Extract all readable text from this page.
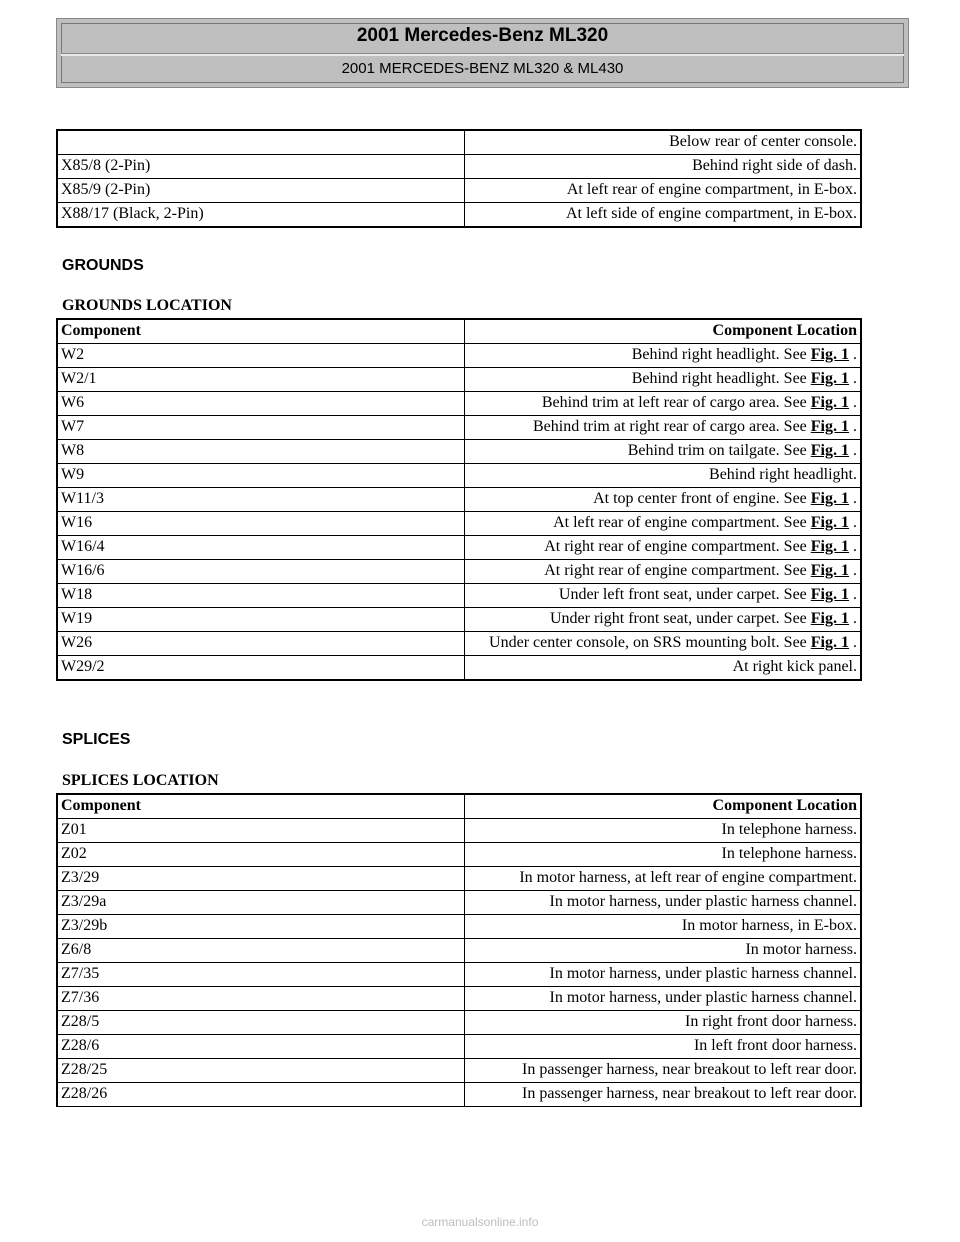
2001 Mercedes-Benz ML320
2001 MERCEDES-BENZ ML320 & ML430
	Below rear of center console.
X85/8 (2-Pin)	Behind right side of dash.
X85/9 (2-Pin)	At left rear of engine compartment, in E-box.
X88/17 (Black, 2-Pin)	At left side of engine compartment, in E-box.
GROUNDS
GROUNDS LOCATION
Component	Component Location
W2	Behind right headlight. See Fig. 1 .
W2/1	Behind right headlight. See Fig. 1 .
W6	Behind trim at left rear of cargo area. See Fig. 1 .
W7	Behind trim at right rear of cargo area. See Fig. 1 .
W8	Behind trim on tailgate. See Fig. 1 .
W9	Behind right headlight.
W11/3	At top center front of engine. See Fig. 1 .
W16	At left rear of engine compartment. See Fig. 1 .
W16/4	At right rear of engine compartment. See Fig. 1 .
W16/6	At right rear of engine compartment. See Fig. 1 .
W18	Under left front seat, under carpet. See Fig. 1 .
W19	Under right front seat, under carpet. See Fig. 1 .
W26	Under center console, on SRS mounting bolt. See Fig. 1 .
W29/2	At right kick panel.
SPLICES
SPLICES LOCATION
Component	Component Location
Z01	In telephone harness.
Z02	In telephone harness.
Z3/29	In motor harness, at left rear of engine compartment.
Z3/29a	In motor harness, under plastic harness channel.
Z3/29b	In motor harness, in E-box.
Z6/8	In motor harness.
Z7/35	In motor harness, under plastic harness channel.
Z7/36	In motor harness, under plastic harness channel.
Z28/5	In right front door harness.
Z28/6	In left front door harness.
Z28/25	In passenger harness, near breakout to left rear door.
Z28/26	In passenger harness, near breakout to left rear door.
carmanualsonline.info
